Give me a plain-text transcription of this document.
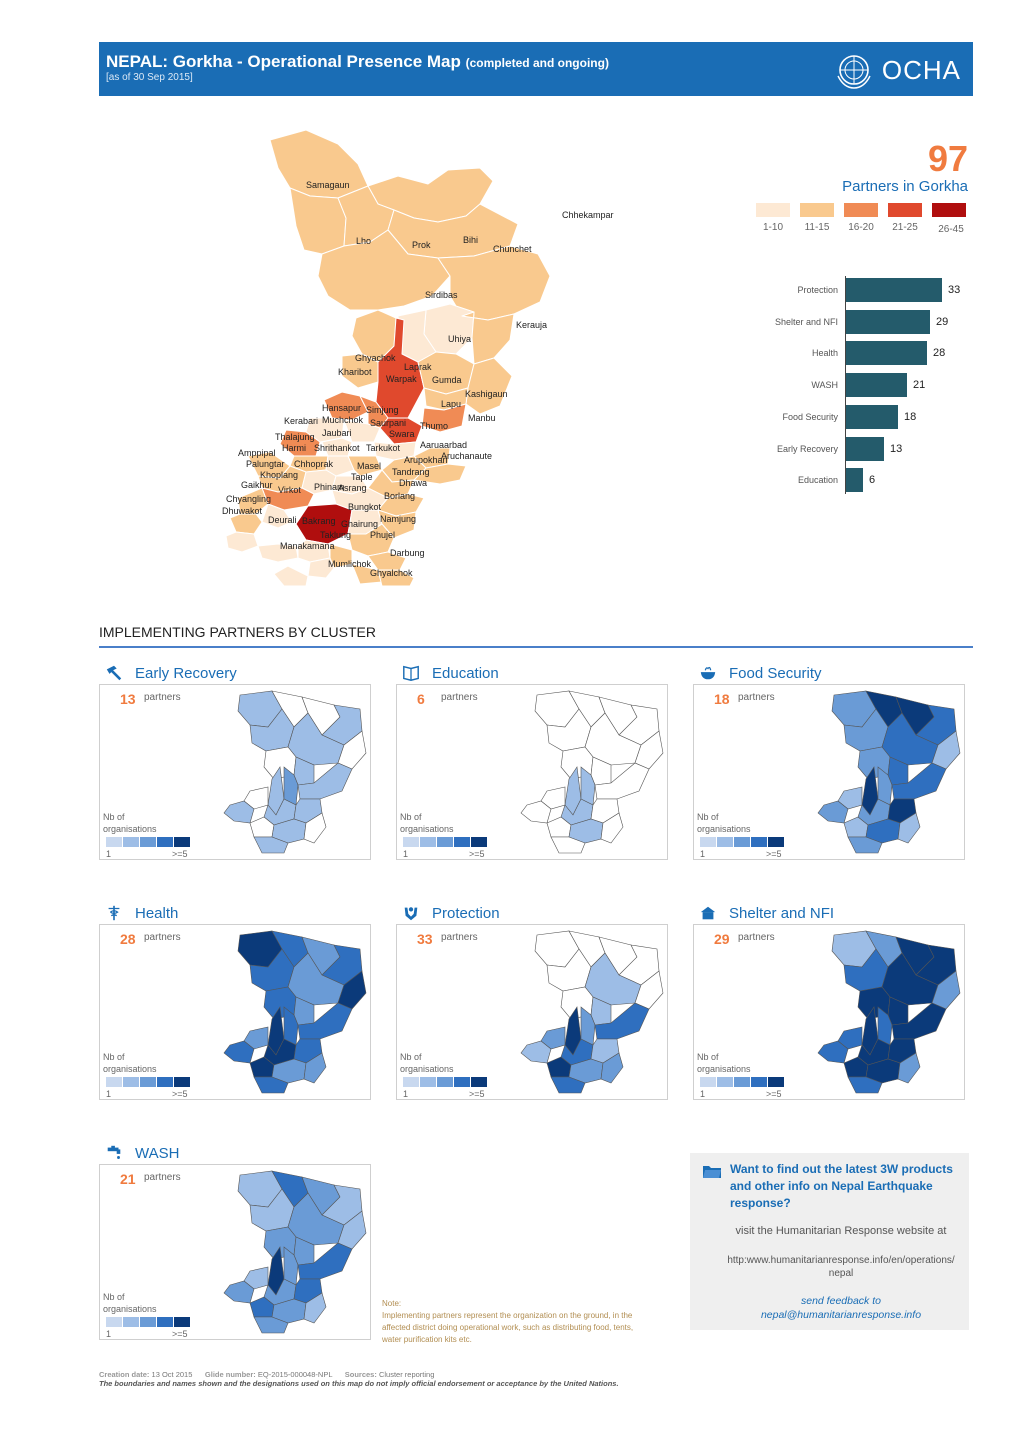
NEPAL: Gorkha - Operational Presence Map (completed and ongoing)
[as of 30 Sep 2015]	OCHA
Samagaun
Chhekampar
Lho	Prok	Bihi
Chunchet
Sirdibas
Kerauja
Uhiya
Ghyachok
Laprak
Kharibot
Warpak Gumda
Kashigaun
Lapu
Hansapur Simjung
Manbu
Kerabari Muchchok Saurpani Thumo
Jaubari	Swara
Thalajung
Aaruaarbad
Harmi Shrithankot Tarkukot
Amppipal
Arupokhari
Aruchanaute
Palungtar Chhoprak	Masel
Tandrang
Khoplang	Taple
Dhawa
Gaikhur Virkot Phinam
Asrang
Borlang
Chyangling
Dhuwakot	Bungkot
Deurali Bakrang Ghairung Namjung
Taklung Phujel
Manakamana
Darbung
Mumlichok
Ghyalchok
97
Partners in Gorkha
1-10	11-15	16-20	21-25	26-45
Protection	33
Shelter and NFI	29
Health	28
WASH	21
Food Security	18
Early Recovery	13
Education	6
IMPLEMENTING PARTNERS BY CLUSTER
Early Recovery
13 partners
Nb of
organisations
1	>=5
Education
6 partners
Nb of
organisations
1	>=5
Food Security
18 partners
Nb of
organisations
1	>=5
Health
28 partners
Nb of
organisations
1	>=5
Protection
33 partners
Nb of
organisations
1	>=5
Shelter and NFI
29 partners
Nb of
organisations
1	>=5
WASH
21 partners
Nb of
organisations
1	>=5
Note:
Implementing partners represent the organization on the ground, in the affected district doing operational work, such as distributing food, tents, water purification kits etc.
Want to find out the latest 3W products and other info on Nepal Earthquake response?
visit the Humanitarian Response website at
http:www.humanitarianresponse.info/en/operations/nepal
send feedback to nepal@humanitarianresponse.info
Creation date: 13 Oct 2015 Glide number: EQ-2015-000048-NPL Sources: Cluster reporting
The boundaries and names shown and the designations used on this map do not imply official endorsement or acceptance by the United Nations.
